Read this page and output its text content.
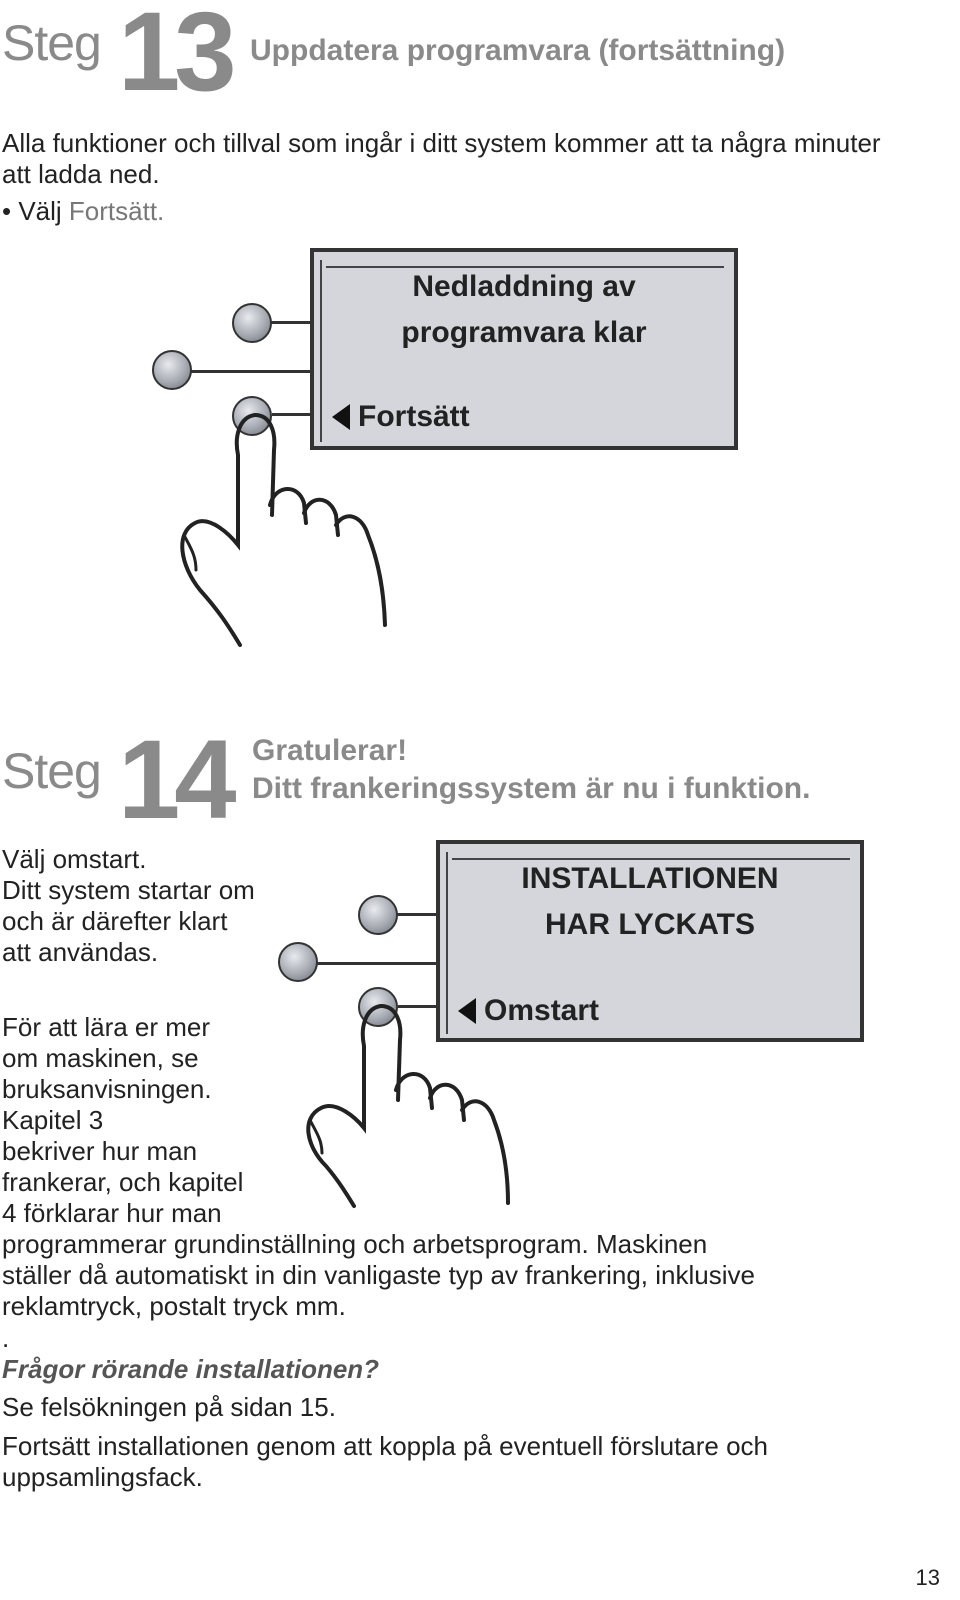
Steg 13 Uppdatera programvara (fortsättning)
Alla funktioner och tillval som ingår i ditt system kommer att ta några minuter att ladda ned.
• Välj Fortsätt.
Nedladdning av
programvara klar
Fortsätt
Steg 14 Gratulerar!
Ditt frankeringssystem är nu i funktion.
Välj omstart.
Ditt system startar om
och är därefter klart
att användas.
För att lära er mer
om maskinen, se
bruksanvisningen.
Kapitel 3
bekriver hur man
frankerar, och kapitel
4 förklarar hur man
programmerar grundinställning och arbetsprogram. Maskinen
ställer då automatiskt in din vanligaste typ av frankering, inklusive
reklamtryck, postalt tryck mm.
.
Frågor rörande installationen?
Se felsökningen på sidan 15.
Fortsätt installationen genom att koppla på eventuell förslutare och
uppsamlingsfack.
INSTALLATIONEN
HAR LYCKATS
Omstart
13
